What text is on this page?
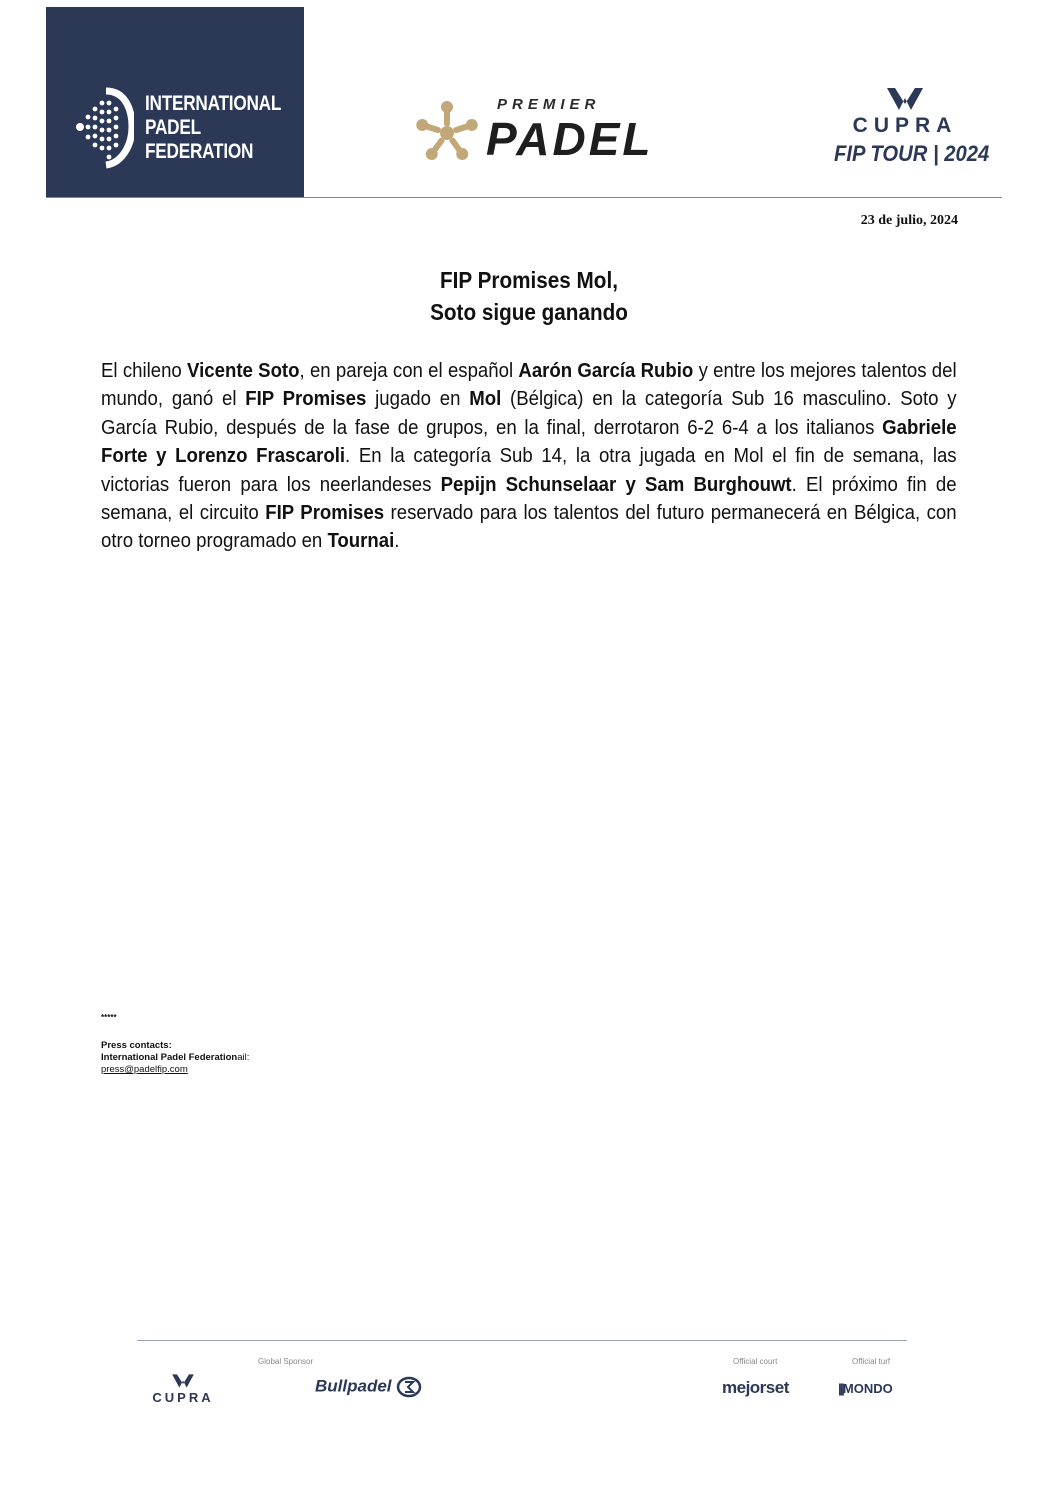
INTERNATIONAL
PADEL
FEDERATION
PREMIER
PADEL	CUPRA
FIP TOUR | 2024
23 de julio, 2024
FIP Promises Mol,
Soto sigue ganando
El chileno Vicente Soto, en pareja con el español Aarón García Rubio y entre los mejores talentos del mundo, ganó el FIP Promises jugado en Mol (Bélgica) en la categoría Sub 16 masculino. Soto y García Rubio, después de la fase de grupos, en la final, derrotaron 6-2 6-4 a los italianos Gabriele Forte y Lorenzo Frascaroli. En la categoría Sub 14, la otra jugada en Mol el fin de semana, las victorias fueron para los neerlandeses Pepijn Schunselaar y Sam Burghouwt. El próximo fin de semana, el circuito FIP Promises reservado para los talentos del futuro permanecerá en Bélgica, con otro torneo programado en Tournai.
*****
Press contacts:
International Padel Federationail:
press@padelfip.com
Global Sponsor	Official court	Official turf
CUPRA
Bullpadel	mejorset	|||MONDO
